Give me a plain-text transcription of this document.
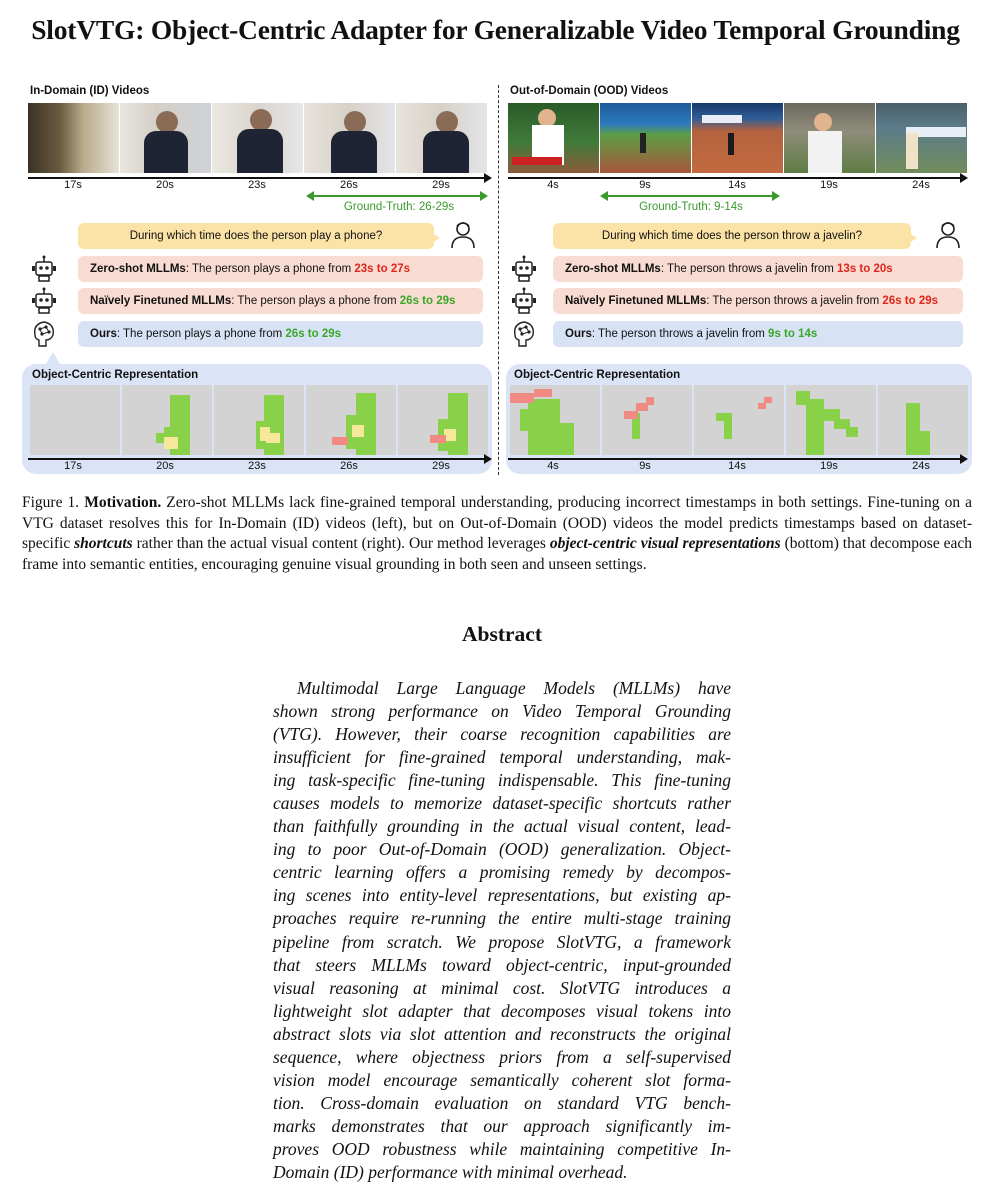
SlotVTG: Object-Centric Adapter for Generalizable Video Temporal Grounding
In-Domain (ID) Videos
17s	20s	23s	26s	29s
Ground-Truth: 26-29s
During which time does the person play a phone?
Zero-shot MLLMs: The person plays a phone from 23s to 27s
Naïvely Finetuned MLLMs: The person plays a phone from 26s to 29s
Ours: The person plays a phone from 26s to 29s
Object-Centric Representation
17s	20s	23s	26s	29s
Out-of-Domain (OOD) Videos
4s	9s	14s	19s	24s
Ground-Truth: 9-14s
During which time does the person throw a javelin?
Zero-shot MLLMs: The person throws a javelin from 13s to 20s
Naïvely Finetuned MLLMs: The person throws a javelin from 26s to 29s
Ours: The person throws a javelin from 9s to 14s
Object-Centric Representation
4s	9s	14s	19s	24s
Figure 1. Motivation. Zero-shot MLLMs lack fine-grained temporal understanding, producing incorrect timestamps in both settings. Fine-tuning on a VTG dataset resolves this for In-Domain (ID) videos (left), but on Out-of-Domain (OOD) videos the model predicts timestamps based on dataset-specific shortcuts rather than the actual visual content (right). Our method leverages object-centric visual representations (bottom) that decompose each frame into semantic entities, encouraging genuine visual grounding in both seen and unseen settings.
Abstract
Multimodal Large Language Models (MLLMs) have
shown strong performance on Video Temporal Grounding
(VTG). However, their coarse recognition capabilities are
insufficient for fine-grained temporal understanding, mak-
ing task-specific fine-tuning indispensable. This fine-tuning
causes models to memorize dataset-specific shortcuts rather
than faithfully grounding in the actual visual content, lead-
ing to poor Out-of-Domain (OOD) generalization. Object-
centric learning offers a promising remedy by decompos-
ing scenes into entity-level representations, but existing ap-
proaches require re-running the entire multi-stage training
pipeline from scratch. We propose SlotVTG, a framework
that steers MLLMs toward object-centric, input-grounded
visual reasoning at minimal cost. SlotVTG introduces a
lightweight slot adapter that decomposes visual tokens into
abstract slots via slot attention and reconstructs the original
sequence, where objectness priors from a self-supervised
vision model encourage semantically coherent slot forma-
tion. Cross-domain evaluation on standard VTG bench-
marks demonstrates that our approach significantly im-
proves OOD robustness while maintaining competitive In-
Domain (ID) performance with minimal overhead.
